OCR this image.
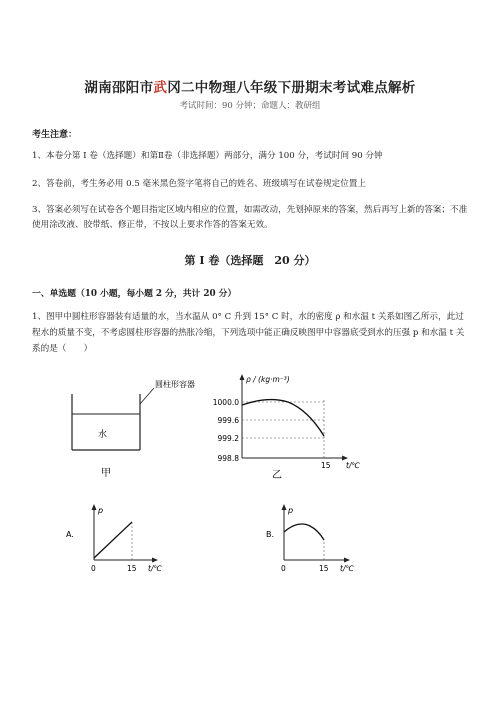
湖南邵阳市武冈二中物理八年级下册期末考试难点解析
考试时间：90 分钟；命题人：教研组
考生注意：
1、本卷分第 I 卷（选择题）和第Ⅱ卷（非选择题）两部分，满分 100 分，考试时间 90 分钟
2、答卷前，考生务必用 0.5 毫米黑色签字笔将自己的姓名、班级填写在试卷规定位置上
3、答案必须写在试卷各个题目指定区域内相应的位置，如需改动，先划掉原来的答案，然后再写上新的答案；不准使用涂改液、胶带纸、修正带，不按以上要求作答的答案无效。
第 I 卷（选择题　20 分）
一、单选题（10 小题，每小题 2 分，共计 20 分）
1、图甲中圆柱形容器装有适量的水，当水温从 0° C 升到 15° C 时，水的密度 ρ 和水温 t 关系如图乙所示，此过程水的质量不变，不考虑圆柱形容器的热胀冷缩，下列选项中能正确反映图甲中容器底受到水的压强 p 和水温 t 关系的是（　　）
圆柱形容器
水
甲
ρ / (kg·m⁻³)
1000.0
999.6
999.2
998.8
15 t/℃
乙
A.
p
0	15 t/℃
B.
p
0	15 t/℃
